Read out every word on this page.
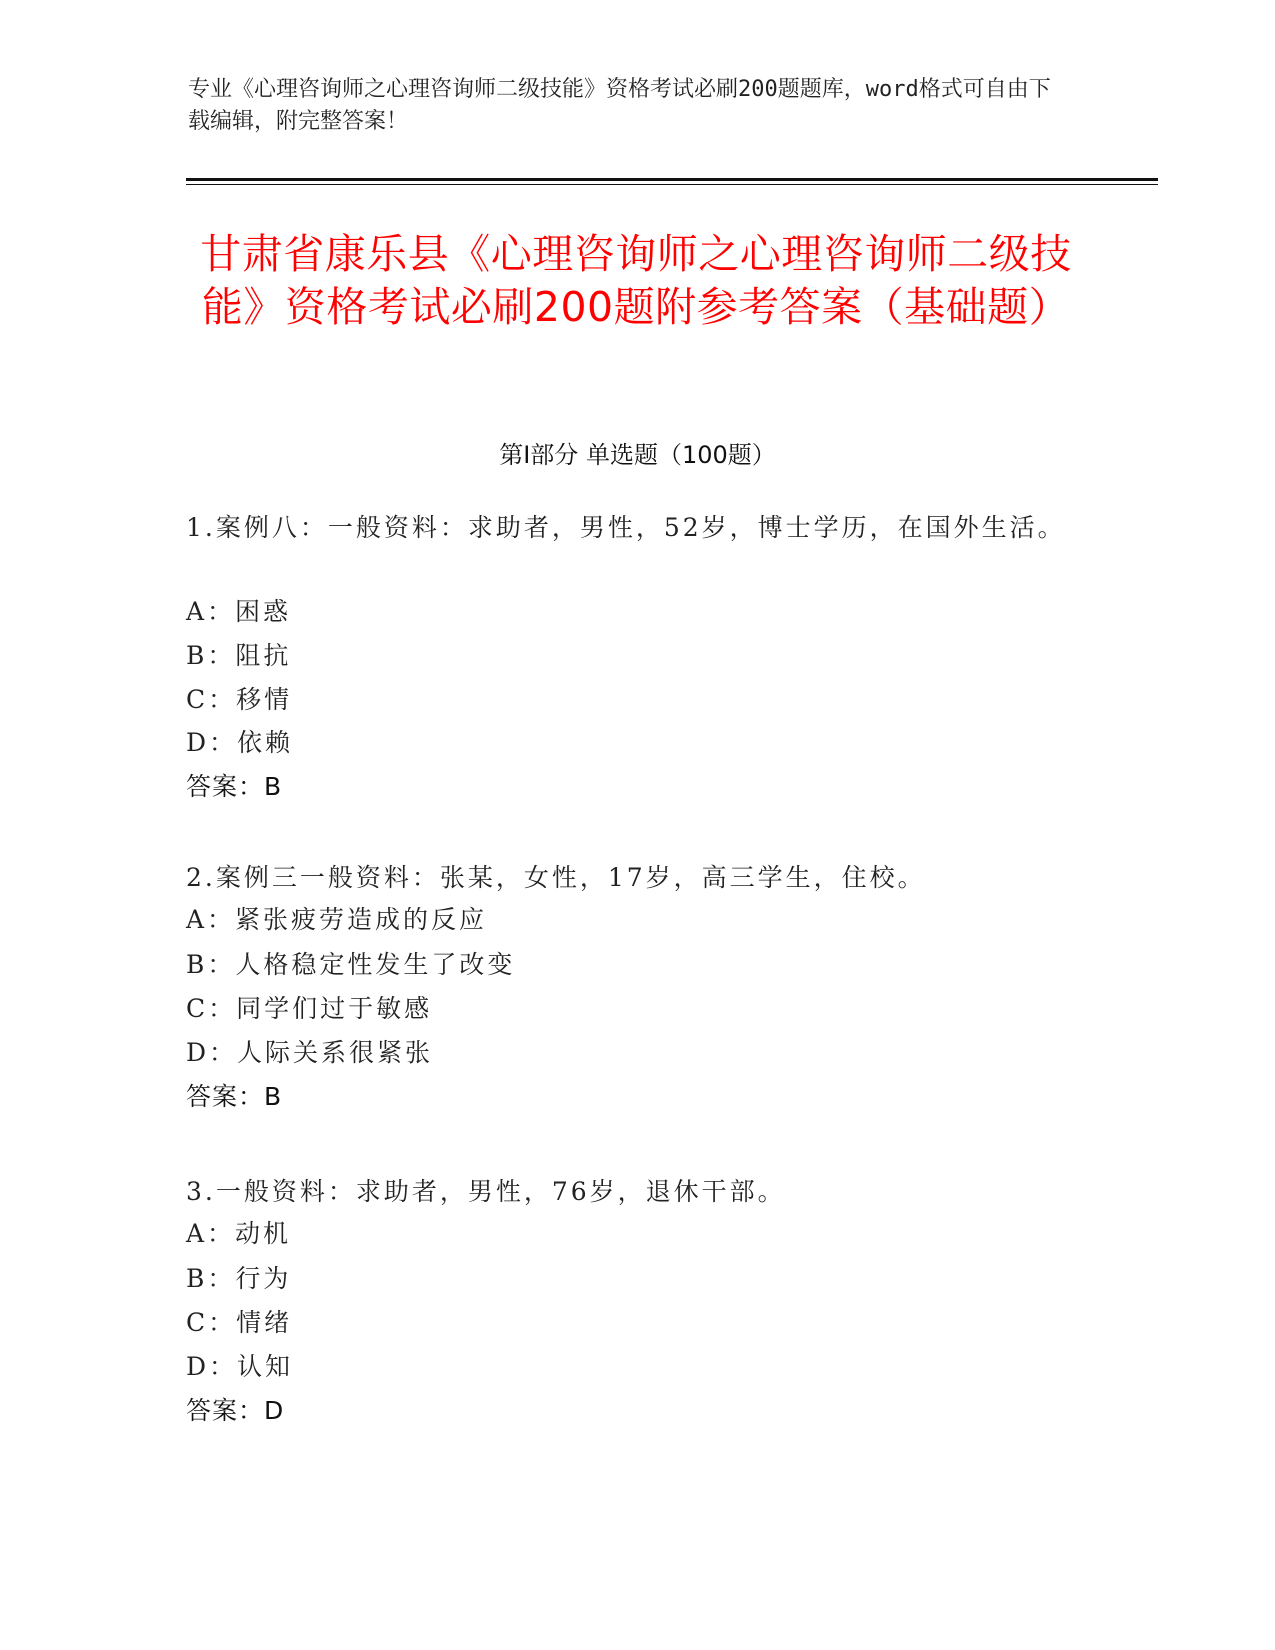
专业《心理咨询师之心理咨询师二级技能》资格考试必刷200题题库，word格式可自由下载编辑，附完整答案！
甘肃省康乐县《心理咨询师之心理咨询师二级技能》资格考试必刷200题附参考答案（基础题）
第Ⅰ部分 单选题（100题）
1.案例八：一般资料：求助者，男性，52岁，博士学历，在国外生活。
A：困惑
B：阻抗
C：移情
D：依赖
答案：B
2.案例三一般资料：张某，女性，17岁，高三学生，住校。
A：紧张疲劳造成的反应
B：人格稳定性发生了改变
C：同学们过于敏感
D：人际关系很紧张
答案：B
3.一般资料：求助者，男性，76岁，退休干部。
A：动机
B：行为
C：情绪
D：认知
答案：D
